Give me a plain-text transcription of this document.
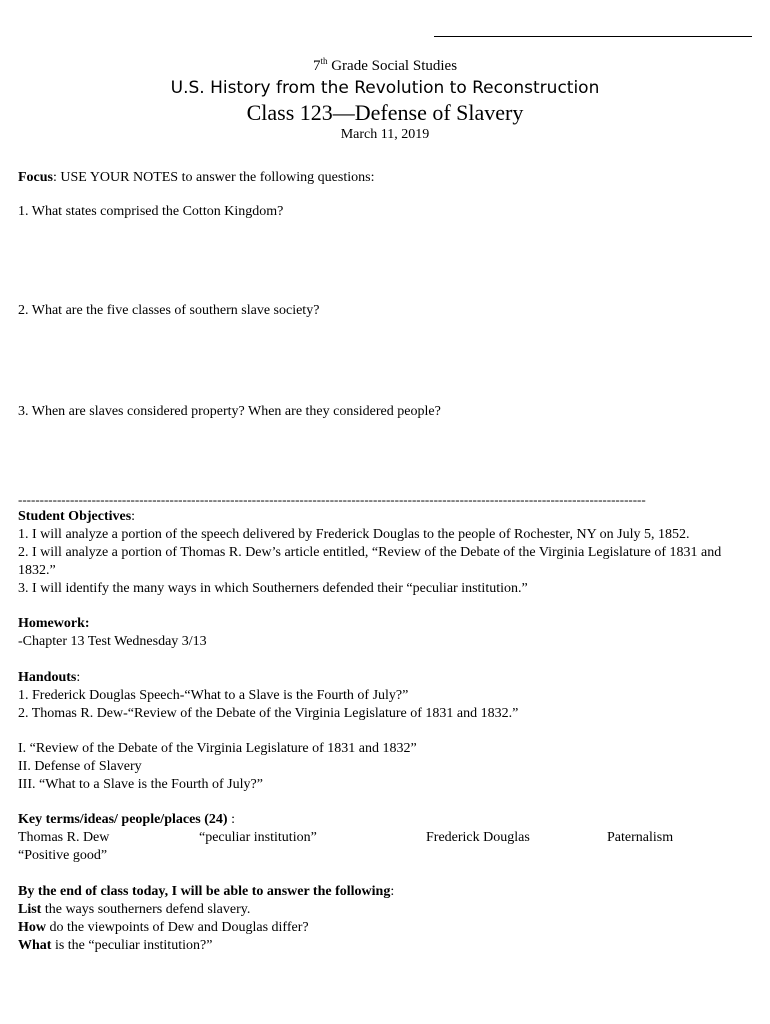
7th Grade Social Studies
U.S. History from the Revolution to Reconstruction
Class 123—Defense of Slavery
March 11, 2019
Focus: USE YOUR NOTES to answer the following questions:
1. What states comprised the Cotton Kingdom?
2. What are the five classes of southern slave society?
3. When are slaves considered property? When are they considered people?
-------------------------------------------------------------------------------------------------------------------------------------------------
Student Objectives:
1. I will analyze a portion of the speech delivered by Frederick Douglas to the people of Rochester, NY on July 5, 1852.
2. I will analyze a portion of Thomas R. Dew’s article entitled, “Review of the Debate of the Virginia Legislature of 1831 and 1832.”
3. I will identify the many ways in which Southerners defended their “peculiar institution.”
Homework:
-Chapter 13 Test Wednesday 3/13
Handouts:
1. Frederick Douglas Speech-“What to a Slave is the Fourth of July?”
2. Thomas R. Dew-“Review of the Debate of the Virginia Legislature of 1831 and 1832.”
I. “Review of the Debate of the Virginia Legislature of 1831 and 1832”
II. Defense of Slavery
III. “What to a Slave is the Fourth of July?”
Key terms/ideas/ people/places (24) :
Thomas R. Dew	“peculiar institution”	Frederick Douglas	Paternalism
“Positive good”
By the end of class today, I will be able to answer the following:
List the ways southerners defend slavery.
How do the viewpoints of Dew and Douglas differ?
What is the “peculiar institution?”
